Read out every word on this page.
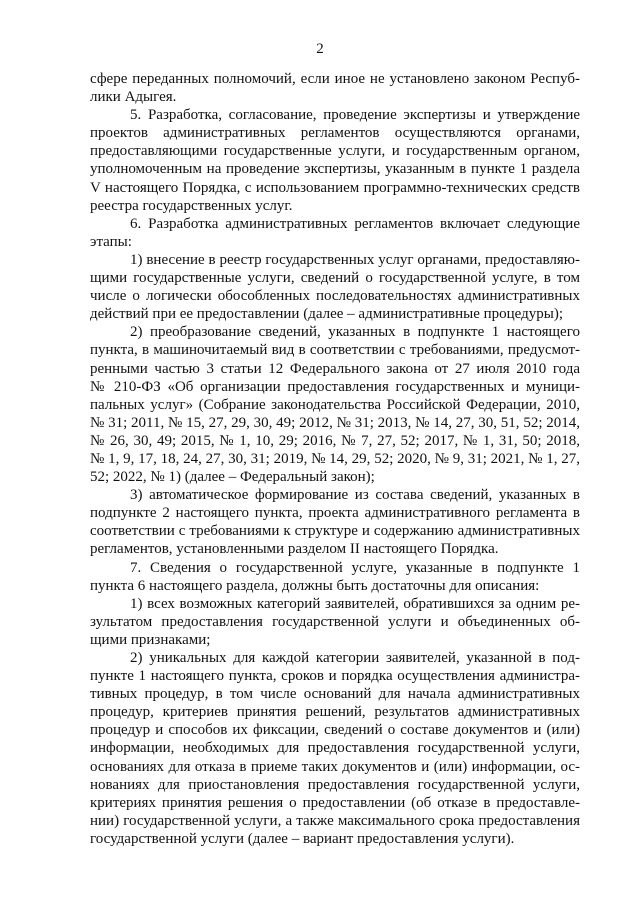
2
сфере переданных полномочий, если иное не установлено законом Респуб-
лики Адыгея.
5. Разработка, согласование, проведение экспертизы и утверждение
проектов административных регламентов осуществляются органами,
предоставляющими государственные услуги, и государственным органом,
уполномоченным на проведение экспертизы, указанным в пункте 1 раздела
V настоящего Порядка, с использованием программно-технических средств
реестра государственных услуг.
6. Разработка административных регламентов включает следующие
этапы:
1) внесение в реестр государственных услуг органами, предоставляю-
щими государственные услуги, сведений о государственной услуге, в том
числе о логически обособленных последовательностях административных
действий при ее предоставлении (далее – административные процедуры);
2) преобразование сведений, указанных в подпункте 1 настоящего
пункта, в машиночитаемый вид в соответствии с требованиями, предусмот-
ренными частью 3 статьи 12 Федерального закона от 27 июля 2010 года
№ 210-ФЗ «Об организации предоставления государственных и муници-
пальных услуг» (Собрание законодательства Российской Федерации, 2010,
№ 31; 2011, № 15, 27, 29, 30, 49; 2012, № 31; 2013, № 14, 27, 30, 51, 52; 2014,
№ 26, 30, 49; 2015, № 1, 10, 29; 2016, № 7, 27, 52; 2017, № 1, 31, 50; 2018,
№ 1, 9, 17, 18, 24, 27, 30, 31; 2019, № 14, 29, 52; 2020, № 9, 31; 2021, № 1, 27,
52; 2022, № 1) (далее – Федеральный закон);
3) автоматическое формирование из состава сведений, указанных в
подпункте 2 настоящего пункта, проекта административного регламента в
соответствии с требованиями к структуре и содержанию административных
регламентов, установленными разделом II настоящего Порядка.
7. Сведения о государственной услуге, указанные в подпункте 1
пункта 6 настоящего раздела, должны быть достаточны для описания:
1) всех возможных категорий заявителей, обратившихся за одним ре-
зультатом предоставления государственной услуги и объединенных об-
щими признаками;
2) уникальных для каждой категории заявителей, указанной в под-
пункте 1 настоящего пункта, сроков и порядка осуществления администра-
тивных процедур, в том числе оснований для начала административных
процедур, критериев принятия решений, результатов административных
процедур и способов их фиксации, сведений о составе документов и (или)
информации, необходимых для предоставления государственной услуги,
основаниях для отказа в приеме таких документов и (или) информации, ос-
нованиях для приостановления предоставления государственной услуги,
критериях принятия решения о предоставлении (об отказе в предоставле-
нии) государственной услуги, а также максимального срока предоставления
государственной услуги (далее – вариант предоставления услуги).
